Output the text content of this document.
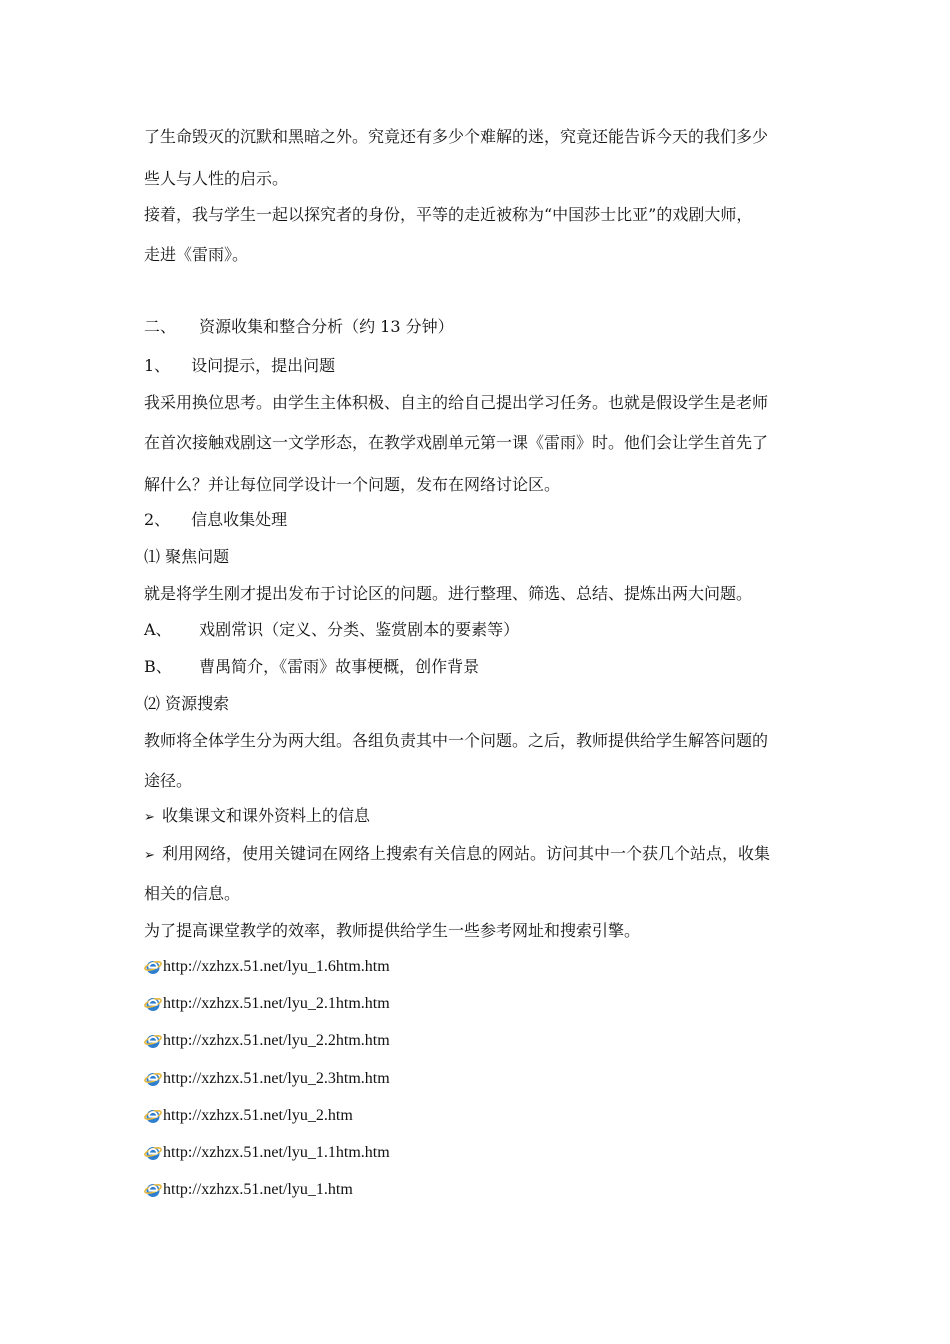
了生命毁灭的沉默和黑暗之外。究竟还有多少个难解的迷，究竟还能告诉今天的我们多少
些人与人性的启示。
接着，我与学生一起以探究者的身份，平等的走近被称为“中国莎士比亚”的戏剧大师，
走进《雷雨》。
二、 资源收集和整合分析（约 13 分钟）
1、 设问提示，提出问题
我采用换位思考。由学生主体积极、自主的给自己提出学习任务。也就是假设学生是老师
在首次接触戏剧这一文学形态，在教学戏剧单元第一课《雷雨》时。他们会让学生首先了
解什么？并让每位同学设计一个问题，发布在网络讨论区。
2、 信息收集处理
⑴ 聚焦问题
就是将学生刚才提出发布于讨论区的问题。进行整理、筛选、总结、提炼出两大问题。
A、 戏剧常识（定义、分类、鉴赏剧本的要素等）
B、 曹禺简介，《雷雨》故事梗概，创作背景
⑵ 资源搜索
教师将全体学生分为两大组。各组负责其中一个问题。之后，教师提供给学生解答问题的
途径。
➢ 收集课文和课外资料上的信息
➢ 利用网络，使用关键词在网络上搜索有关信息的网站。访问其中一个获几个站点，收集
相关的信息。
为了提高课堂教学的效率，教师提供给学生一些参考网址和搜索引擎。
http://xzhzx.51.net/lyu_1.6htm.htm
http://xzhzx.51.net/lyu_2.1htm.htm
http://xzhzx.51.net/lyu_2.2htm.htm
http://xzhzx.51.net/lyu_2.3htm.htm
http://xzhzx.51.net/lyu_2.htm
http://xzhzx.51.net/lyu_1.1htm.htm
http://xzhzx.51.net/lyu_1.htm
